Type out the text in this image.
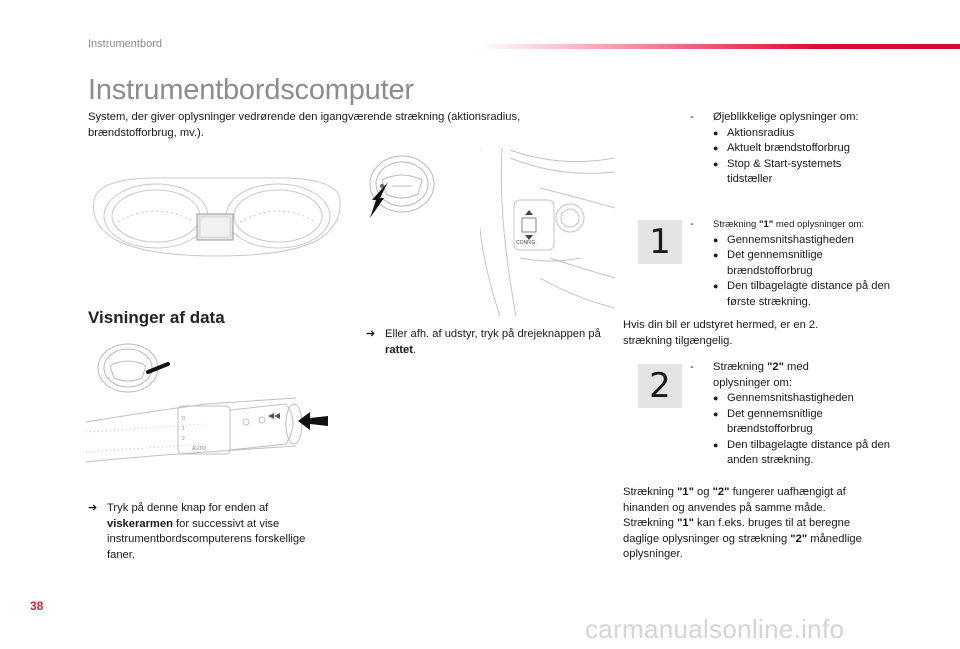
Instrumentbord
Instrumentbordscomputer
System, der giver oplysninger vedrørende den igangværende strækning (aktionsradius, brændstofforbrug, mv.).
CONFIG.
Visninger af data
➔ Eller afh. af udstyr, tryk på drejeknappen på rattet.
0
1
2
AUTO
➔ Tryk på denne knap for enden af viskerarmen for successivt at vise instrumentbordscomputerens forskellige faner.
- Øjeblikkelige oplysninger om:
● Aktionsradius
● Aktuelt brændstofforbrug
● Stop & Start-systemets tidstæller
1	- Strækning "1" med oplysninger om:
● Gennemsnitshastigheden
● Det gennemsnitlige brændstofforbrug
● Den tilbagelagte distance på den første strækning.
Hvis din bil er udstyret hermed, er en 2. strækning tilgængelig.
2	- Strækning "2" med oplysninger om:
● Gennemsnitshastigheden
● Det gennemsnitlige brændstofforbrug
● Den tilbagelagte distance på den anden strækning.
Strækning "1" og "2" fungerer uafhængigt af hinanden og anvendes på samme måde.
Strækning "1" kan f.eks. bruges til at beregne daglige oplysninger og strækning "2" månedlige oplysninger.
38
carmanualsonline.info
